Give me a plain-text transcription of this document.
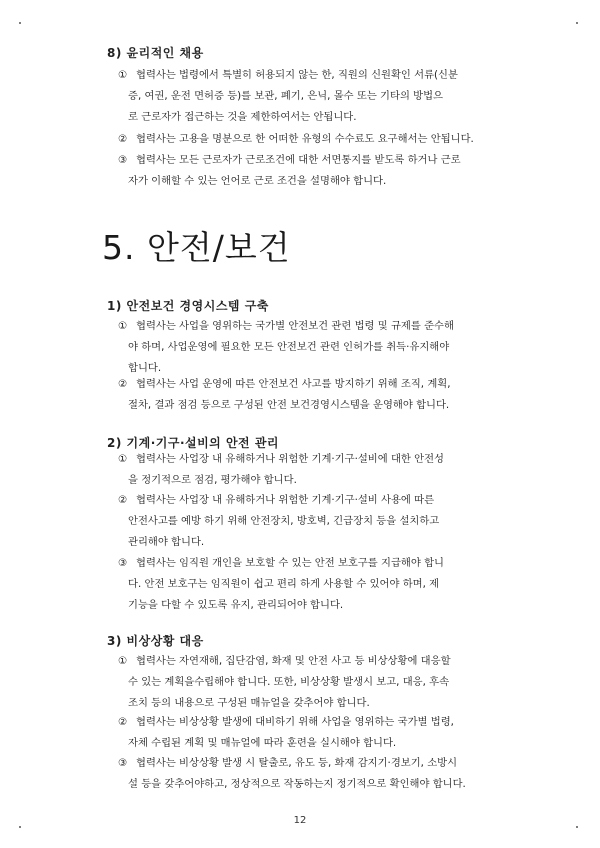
8) 윤리적인 채용
① 협력사는 법령에서 특별히 허용되지 않는 한, 직원의 신원확인 서류(신분
증, 여권, 운전 면허증 등)를 보관, 폐기, 은닉, 몰수 또는 기타의 방법으
로 근로자가 접근하는 것을 제한하여서는 안됩니다.
② 협력사는 고용을 명분으로 한 어떠한 유형의 수수료도 요구해서는 안됩니다.
③ 협력사는 모든 근로자가 근로조건에 대한 서면통지를 받도록 하거나 근로
자가 이해할 수 있는 언어로 근로 조건을 설명해야 합니다.
5. 안전/보건
1) 안전보건 경영시스템 구축
① 협력사는 사업을 영위하는 국가별 안전보건 관련 법령 및 규제를 준수해
야 하며, 사업운영에 필요한 모든 안전보건 관련 인허가를 취득·유지해야
합니다.
② 협력사는 사업 운영에 따른 안전보건 사고를 방지하기 위해 조직, 계획,
절차, 결과 점검 등으로 구성된 안전 보건경영시스템을 운영해야 합니다.
2) 기계·기구·설비의 안전 관리
① 협력사는 사업장 내 유해하거나 위험한 기계·기구·설비에 대한 안전성
을 정기적으로 점검, 평가해야 합니다.
② 협력사는 사업장 내 유해하거나 위험한 기계·기구·설비 사용에 따른
안전사고를 예방 하기 위해 안전장치, 방호벽, 긴급장치 등을 설치하고
관리해야 합니다.
③ 협력사는 임직원 개인을 보호할 수 있는 안전 보호구를 지급해야 합니
다. 안전 보호구는 임직원이 쉽고 편리 하게 사용할 수 있어야 하며, 제
기능을 다할 수 있도록 유지, 관리되어야 합니다.
3) 비상상황 대응
① 협력사는 자연재해, 집단감염, 화재 및 안전 사고 등 비상상황에 대응할
수 있는 계획을수립해야 합니다. 또한, 비상상황 발생시 보고, 대응, 후속
조치 등의 내용으로 구성된 매뉴얼을 갖추어야 합니다.
② 협력사는 비상상황 발생에 대비하기 위해 사업을 영위하는 국가별 법령,
자체 수립된 계획 및 매뉴얼에 따라 훈련을 실시해야 합니다.
③ 협력사는 비상상황 발생 시 탈출로, 유도 등, 화재 감지기·경보기, 소방시
설 등을 갖추어야하고, 정상적으로 작동하는지 정기적으로 확인해야 합니다.
12
